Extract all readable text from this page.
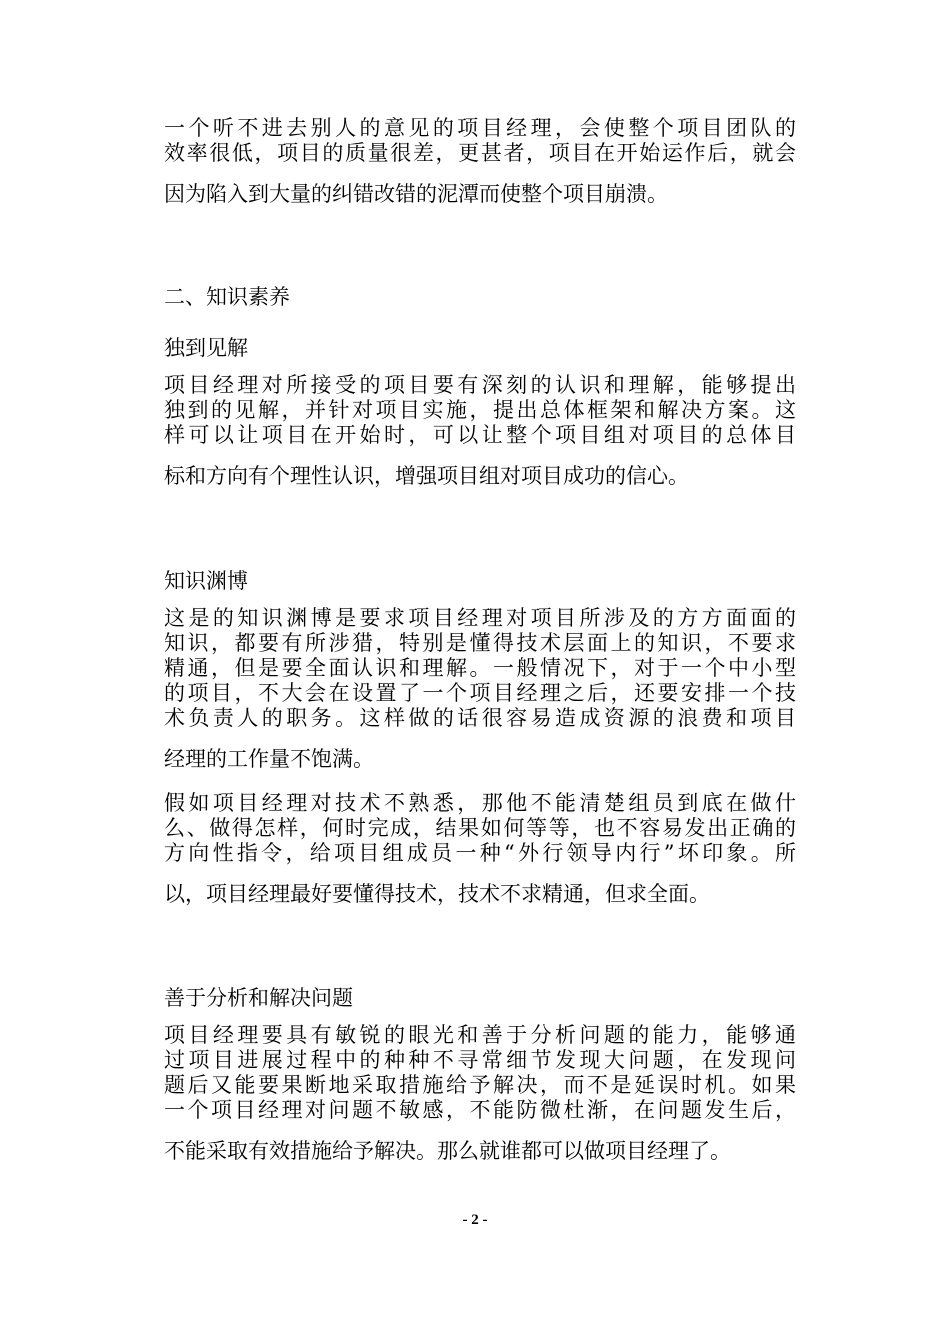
一个听不进去别人的意见的项目经理，会使整个项目团队的
效率很低，项目的质量很差，更甚者，项目在开始运作后，就会
因为陷入到大量的纠错改错的泥潭而使整个项目崩溃。
二、知识素养
独到见解
项目经理对所接受的项目要有深刻的认识和理解，能够提出
独到的见解，并针对项目实施，提出总体框架和解决方案。这
样可以让项目在开始时，可以让整个项目组对项目的总体目
标和方向有个理性认识，增强项目组对项目成功的信心。
知识渊博
这是的知识渊博是要求项目经理对项目所涉及的方方面面的
知识，都要有所涉猎，特别是懂得技术层面上的知识，不要求
精通，但是要全面认识和理解。一般情况下，对于一个中小型
的项目，不大会在设置了一个项目经理之后，还要安排一个技
术负责人的职务。这样做的话很容易造成资源的浪费和项目
经理的工作量不饱满。
假如项目经理对技术不熟悉，那他不能清楚组员到底在做什
么、做得怎样，何时完成，结果如何等等，也不容易发出正确的
方向性指令，给项目组成员一种“外行领导内行”坏印象。所
以，项目经理最好要懂得技术，技术不求精通，但求全面。
善于分析和解决问题
项目经理要具有敏锐的眼光和善于分析问题的能力，能够通
过项目进展过程中的种种不寻常细节发现大问题，在发现问
题后又能要果断地采取措施给予解决，而不是延误时机。如果
一个项目经理对问题不敏感，不能防微杜渐，在问题发生后，
不能采取有效措施给予解决。那么就谁都可以做项目经理了。
- 2 -
